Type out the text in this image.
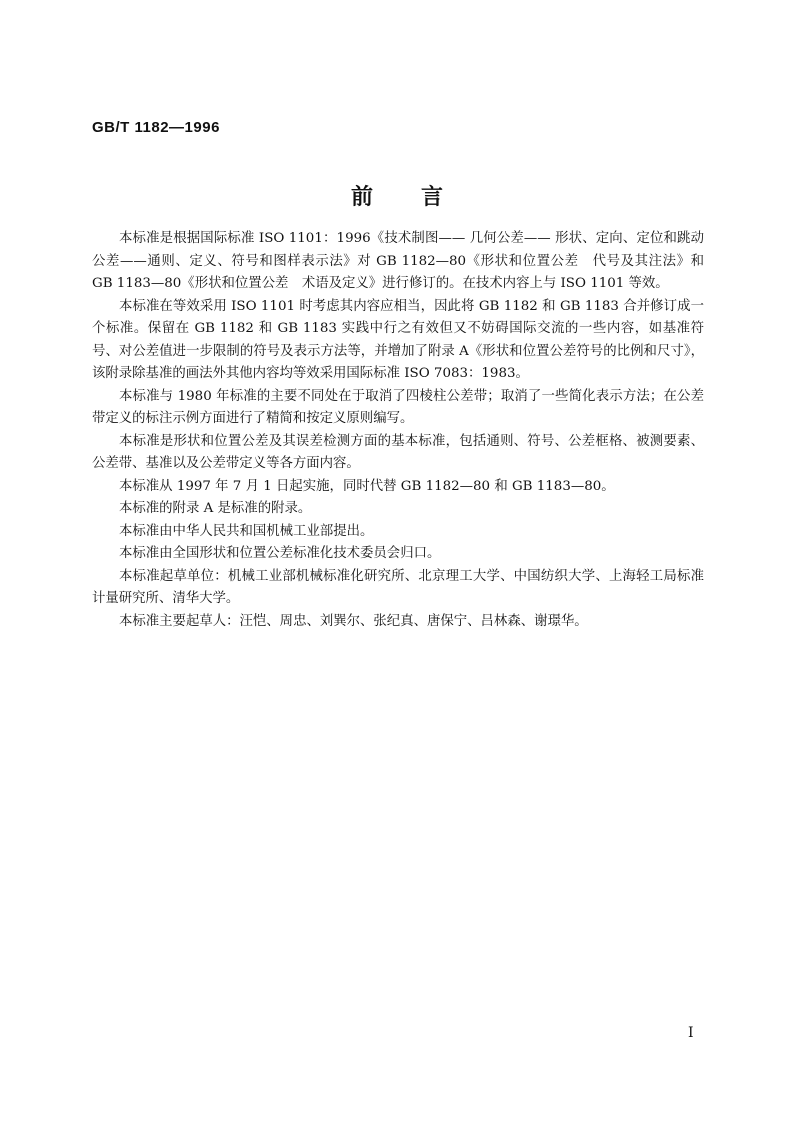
GB/T 1182—1996

前 言

本标准是根据国际标准 ISO 1101：1996《技术制图—— 几何公差—— 形状、定向、定位和跳动公差——通则、定义、符号和图样表示法》对 GB 1182—80《形状和位置公差　代号及其注法》和 GB 1183—80《形状和位置公差　术语及定义》进行修订的。在技术内容上与 ISO 1101 等效。

本标准在等效采用 ISO 1101 时考虑其内容应相当，因此将 GB 1182 和 GB 1183 合并修订成一个标准。保留在 GB 1182 和 GB 1183 实践中行之有效但又不妨碍国际交流的一些内容，如基准符号、对公差值进一步限制的符号及表示方法等，并增加了附录 A《形状和位置公差符号的比例和尺寸》，该附录除基准的画法外其他内容均等效采用国际标准 ISO 7083：1983。

本标准与 1980 年标准的主要不同处在于取消了四棱柱公差带；取消了一些简化表示方法；在公差带定义的标注示例方面进行了精简和按定义原则编写。

本标准是形状和位置公差及其误差检测方面的基本标准，包括通则、符号、公差框格、被测要素、公差带、基准以及公差带定义等各方面内容。

本标准从 1997 年 7 月 1 日起实施，同时代替 GB 1182—80 和 GB 1183—80。

本标准的附录 A 是标准的附录。

本标准由中华人民共和国机械工业部提出。

本标准由全国形状和位置公差标准化技术委员会归口。

本标准起草单位：机械工业部机械标准化研究所、北京理工大学、中国纺织大学、上海轻工局标准计量研究所、清华大学。

本标准主要起草人：汪恺、周忠、刘巽尔、张纪真、唐保宁、吕林森、谢璟华。

I
